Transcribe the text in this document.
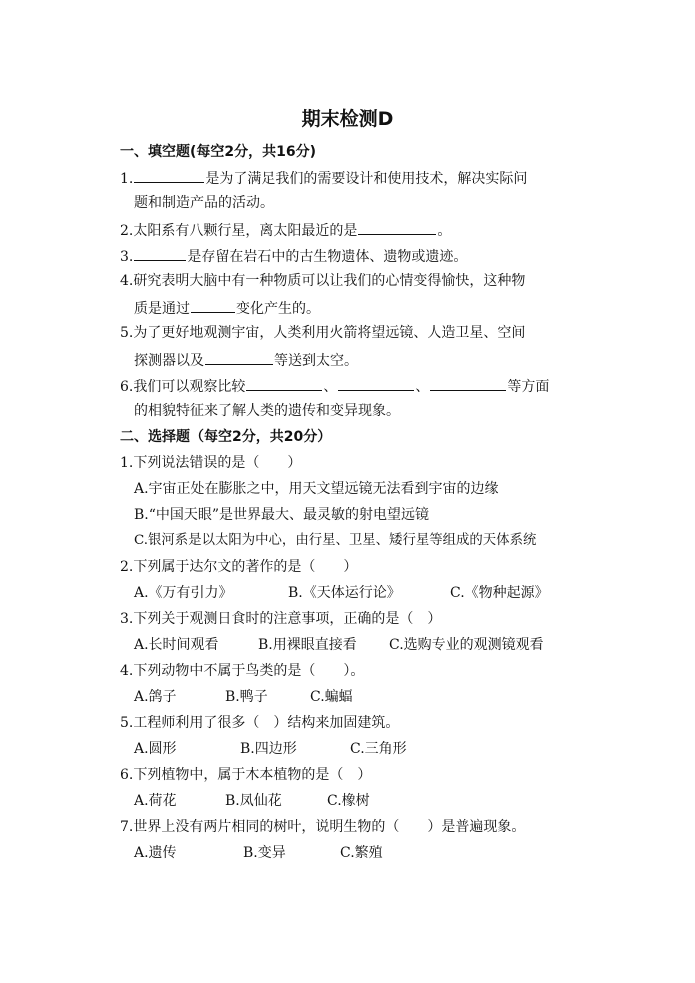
期末检测D
一、填空题(每空2分，共16分)
1.	是为了满足我们的需要设计和使用技术，解决实际问
题和制造产品的活动。
2.太阳系有八颗行星，离太阳最近的是	。
3.	是存留在岩石中的古生物遗体、遗物或遗迹。
4.研究表明大脑中有一种物质可以让我们的心情变得愉快，这种物
质是通过	变化产生的。
5.为了更好地观测宇宙，人类利用火箭将望远镜、人造卫星、空间
探测器以及	等送到太空。
6.我们可以观察比较	、	、	等方面
的相貌特征来了解人类的遗传和变异现象。
二、选择题（每空2分，共20分）
1.下列说法错误的是（　　）
A.宇宙正处在膨胀之中，用天文望远镜无法看到宇宙的边缘
B.“中国天眼”是世界最大、最灵敏的射电望远镜
C.银河系是以太阳为中心，由行星、卫星、矮行星等组成的天体系统
2.下列属于达尔文的著作的是（　　）
A.《万有引力》	B.《天体运行论》	C.《物种起源》
3.下列关于观测日食时的注意事项，正确的是（　）
A.长时间观看	B.用裸眼直接看 C.选购专业的观测镜观看
4.下列动物中不属于鸟类的是（　　）。
A.鸽子	B.鸭子	C.蝙蝠
5.工程师利用了很多（　）结构来加固建筑。
A.圆形	B.四边形	C.三角形
6.下列植物中，属于木本植物的是（　）
A.荷花	B.凤仙花	C.橡树
7.世界上没有两片相同的树叶，说明生物的（　　）是普遍现象。
A.遗传	B.变异	C.繁殖
